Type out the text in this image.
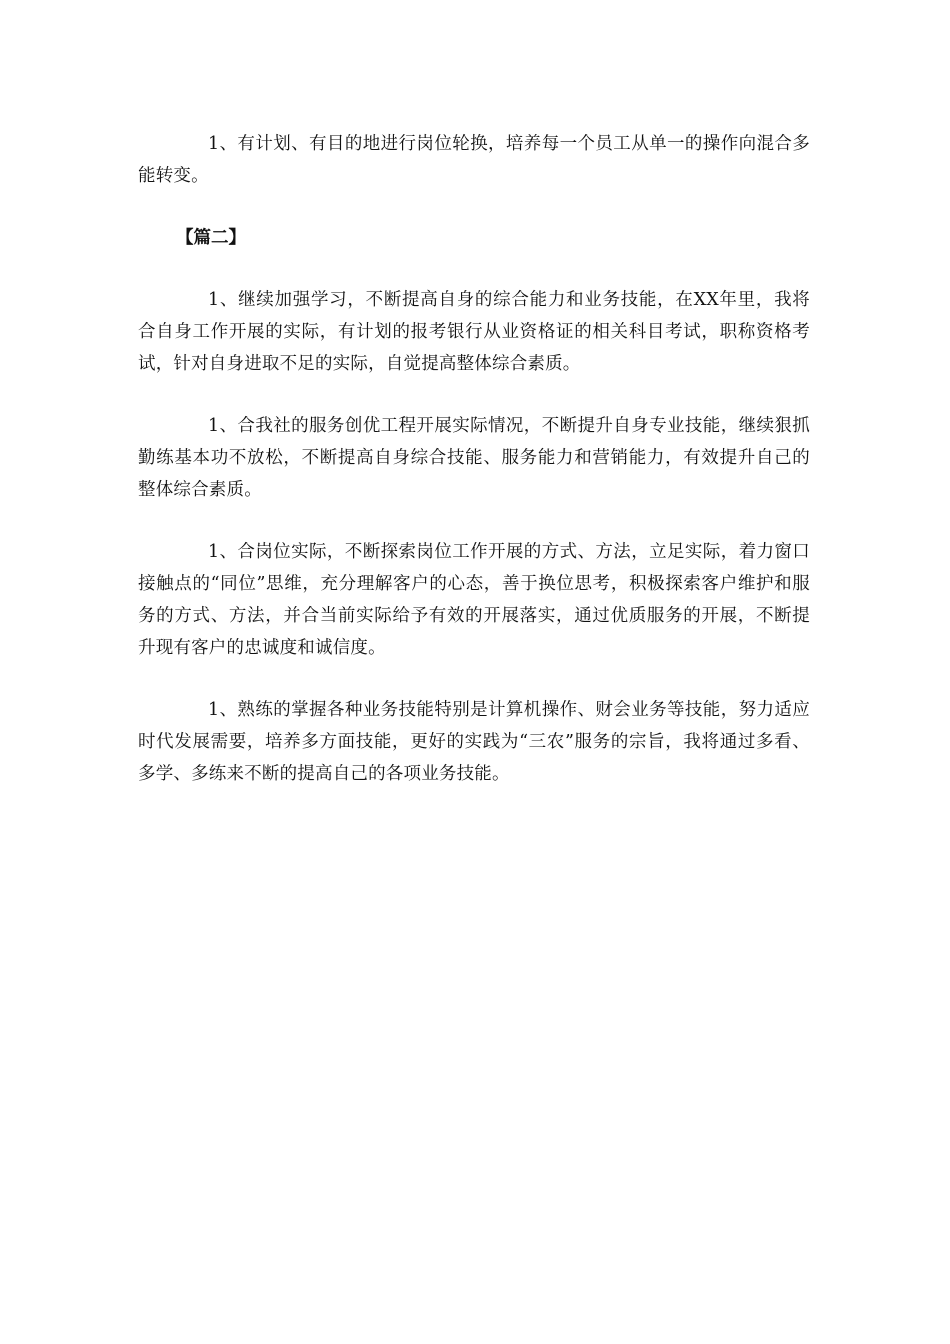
1、有计划、有目的地进行岗位轮换，培养每一个员工从单一的操作向混合多能转变。

【篇二】

1、继续加强学习，不断提高自身的综合能力和业务技能，在XX年里，我将合自身工作开展的实际，有计划的报考银行从业资格证的相关科目考试，职称资格考试，针对自身进取不足的实际，自觉提高整体综合素质。

1、合我社的服务创优工程开展实际情况，不断提升自身专业技能，继续狠抓勤练基本功不放松，不断提高自身综合技能、服务能力和营销能力，有效提升自己的整体综合素质。

1、合岗位实际，不断探索岗位工作开展的方式、方法，立足实际，着力窗口接触点的“同位”思维，充分理解客户的心态，善于换位思考，积极探索客户维护和服务的方式、方法，并合当前实际给予有效的开展落实，通过优质服务的开展，不断提升现有客户的忠诚度和诚信度。

1、熟练的掌握各种业务技能特别是计算机操作、财会业务等技能，努力适应时代发展需要，培养多方面技能，更好的实践为“三农”服务的宗旨，我将通过多看、多学、多练来不断的提高自己的各项业务技能。
